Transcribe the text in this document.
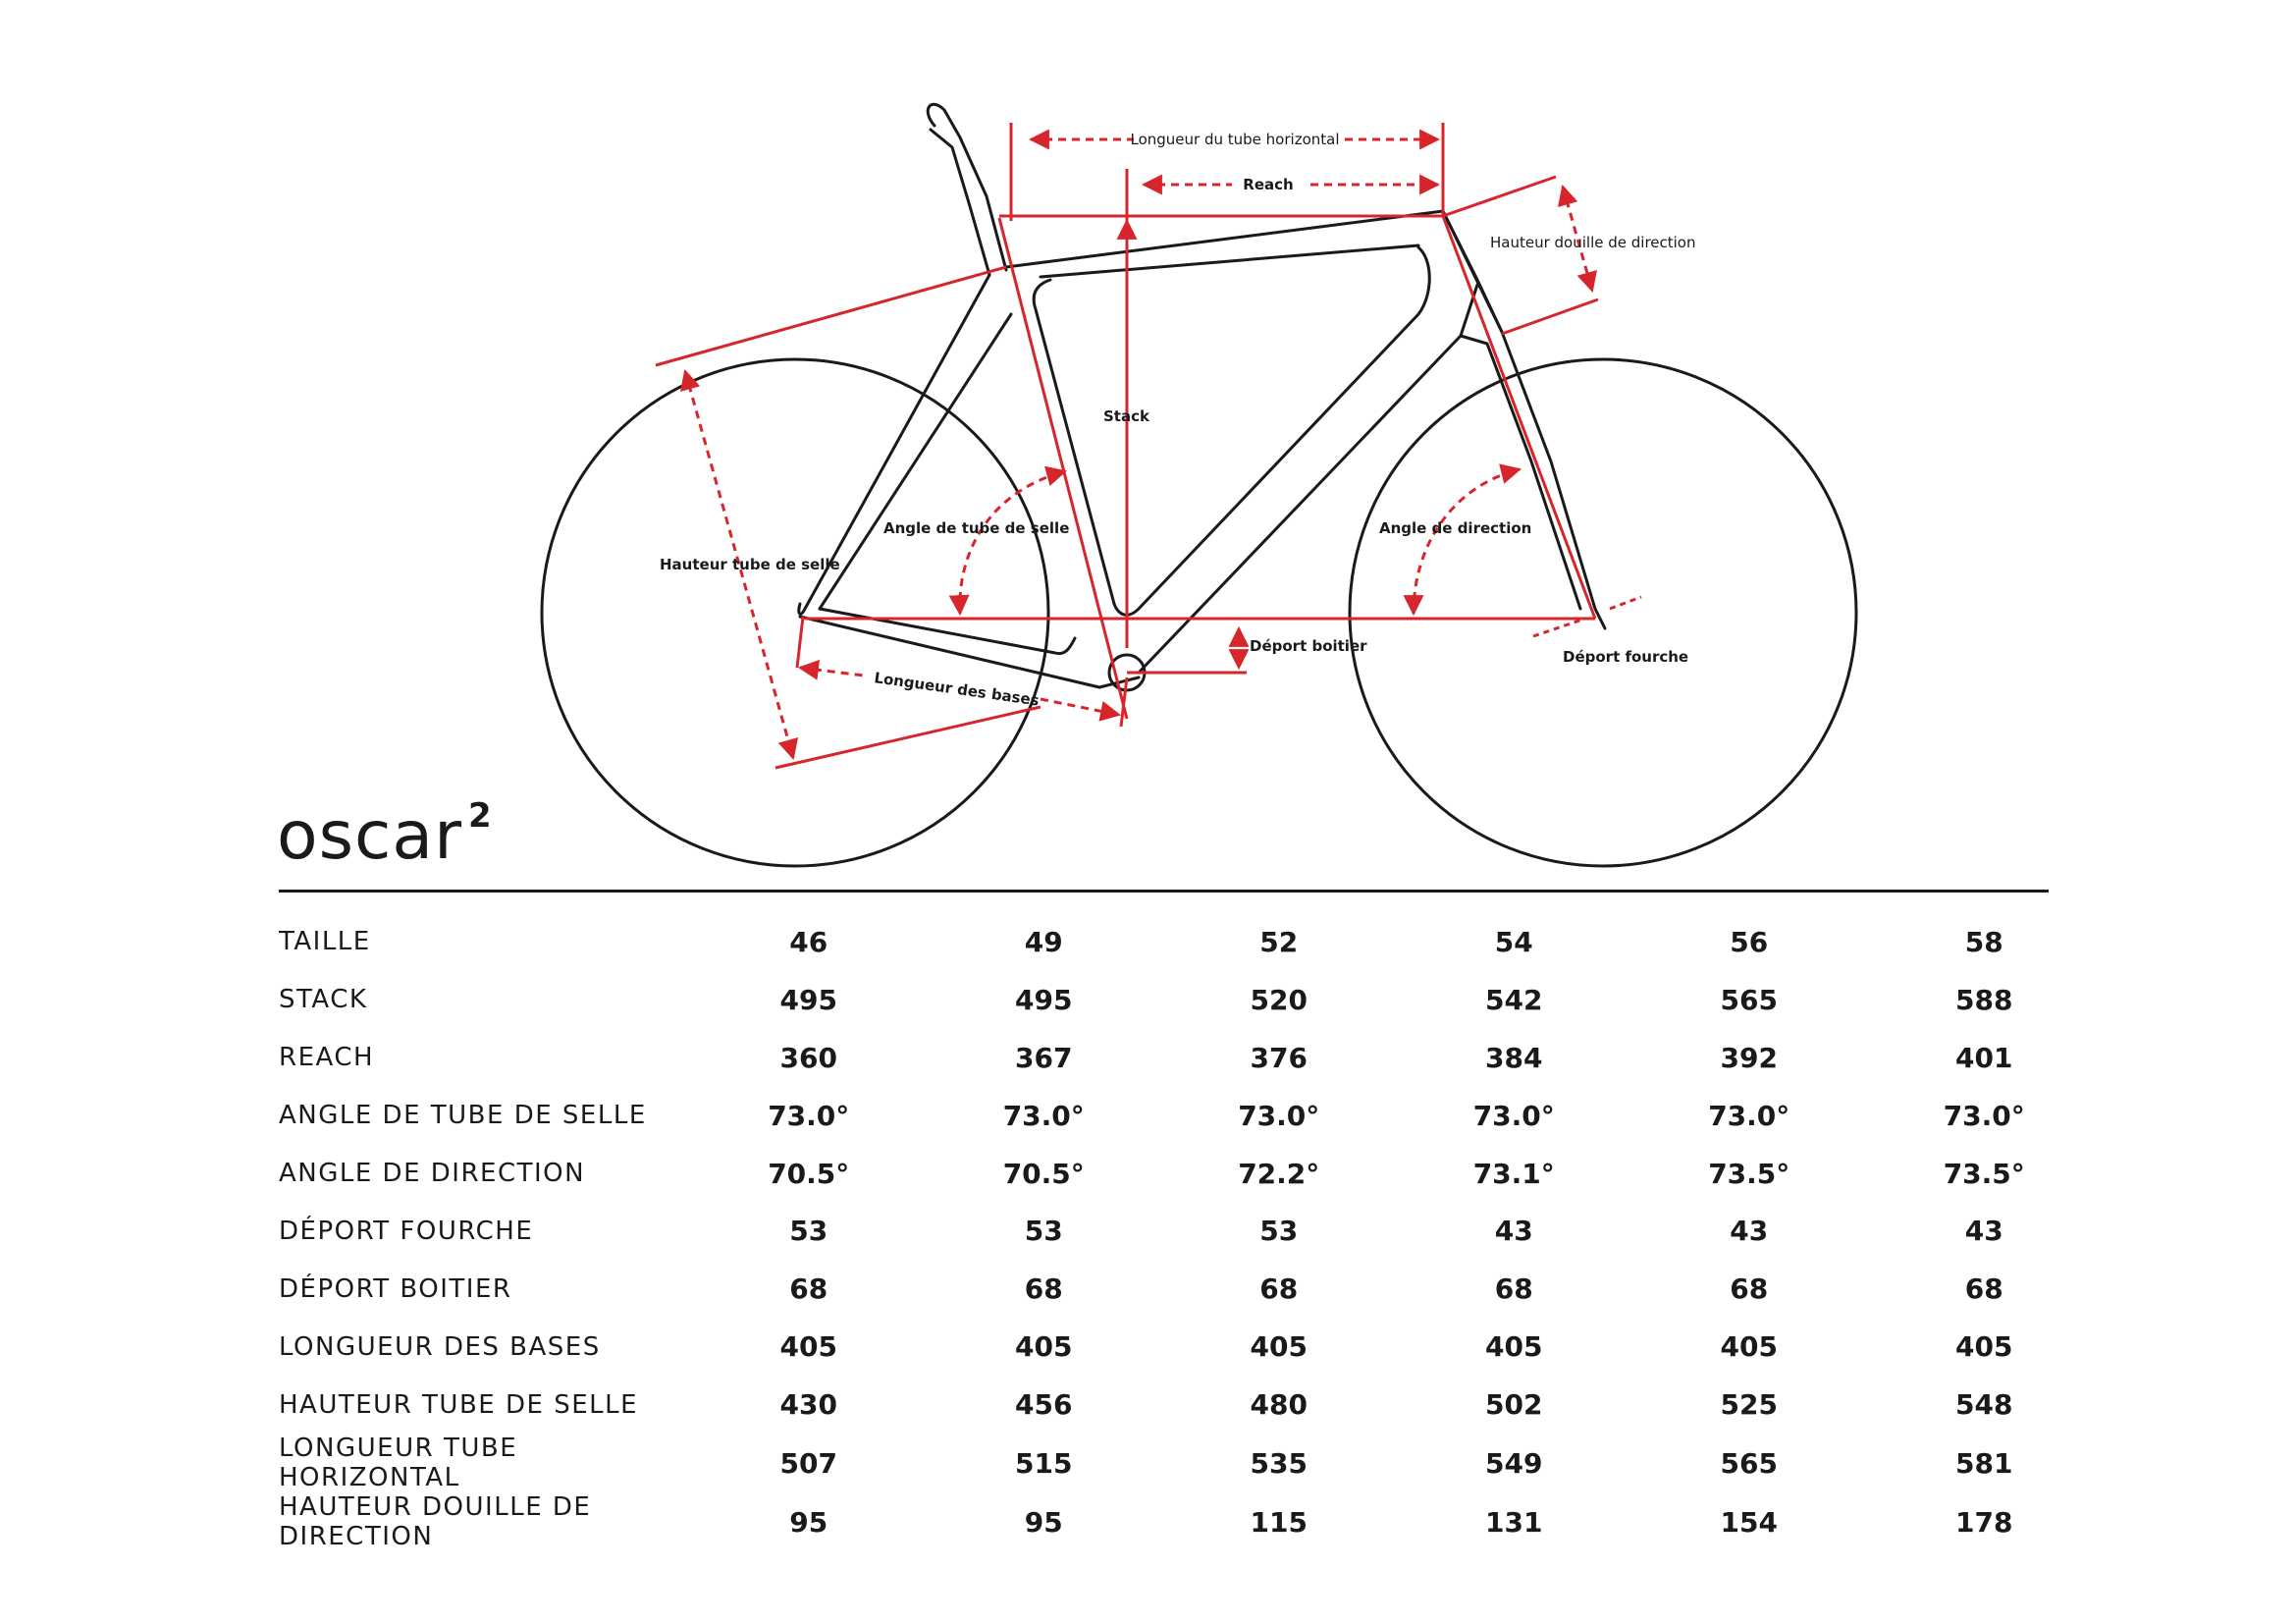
Longueur du tube horizontal
Reach
Hauteur douille de direction
Stack
Angle de tube de selle	Angle de direction
Hauteur tube de selle
Déport boitier
Longueur des bases
Déport fourche
oscar $^2$
TAILLE	46	49	52	54	56	58
STACK	495	495	520	542	565	588
REACH	360	367	376	384	392	401
ANGLE DE TUBE DE SELLE	73.0°	73.0°	73.0°	73.0°	73.0°	73.0°
ANGLE DE DIRECTION	70.5°	70.5°	72.2°	73.1°	73.5°	73.5°
DÉPORT FOURCHE	53	53	53	43	43	43
DÉPORT BOITIER	68	68	68	68	68	68
LONGUEUR DES BASES	405	405	405	405	405	405
HAUTEUR TUBE DE SELLE	430	456	480	502	525	548
LONGUEUR TUBE HORIZONTAL	507	515	535	549	565	581
HAUTEUR DOUILLE DE DIRECTION	95	95	115	131	154	178
